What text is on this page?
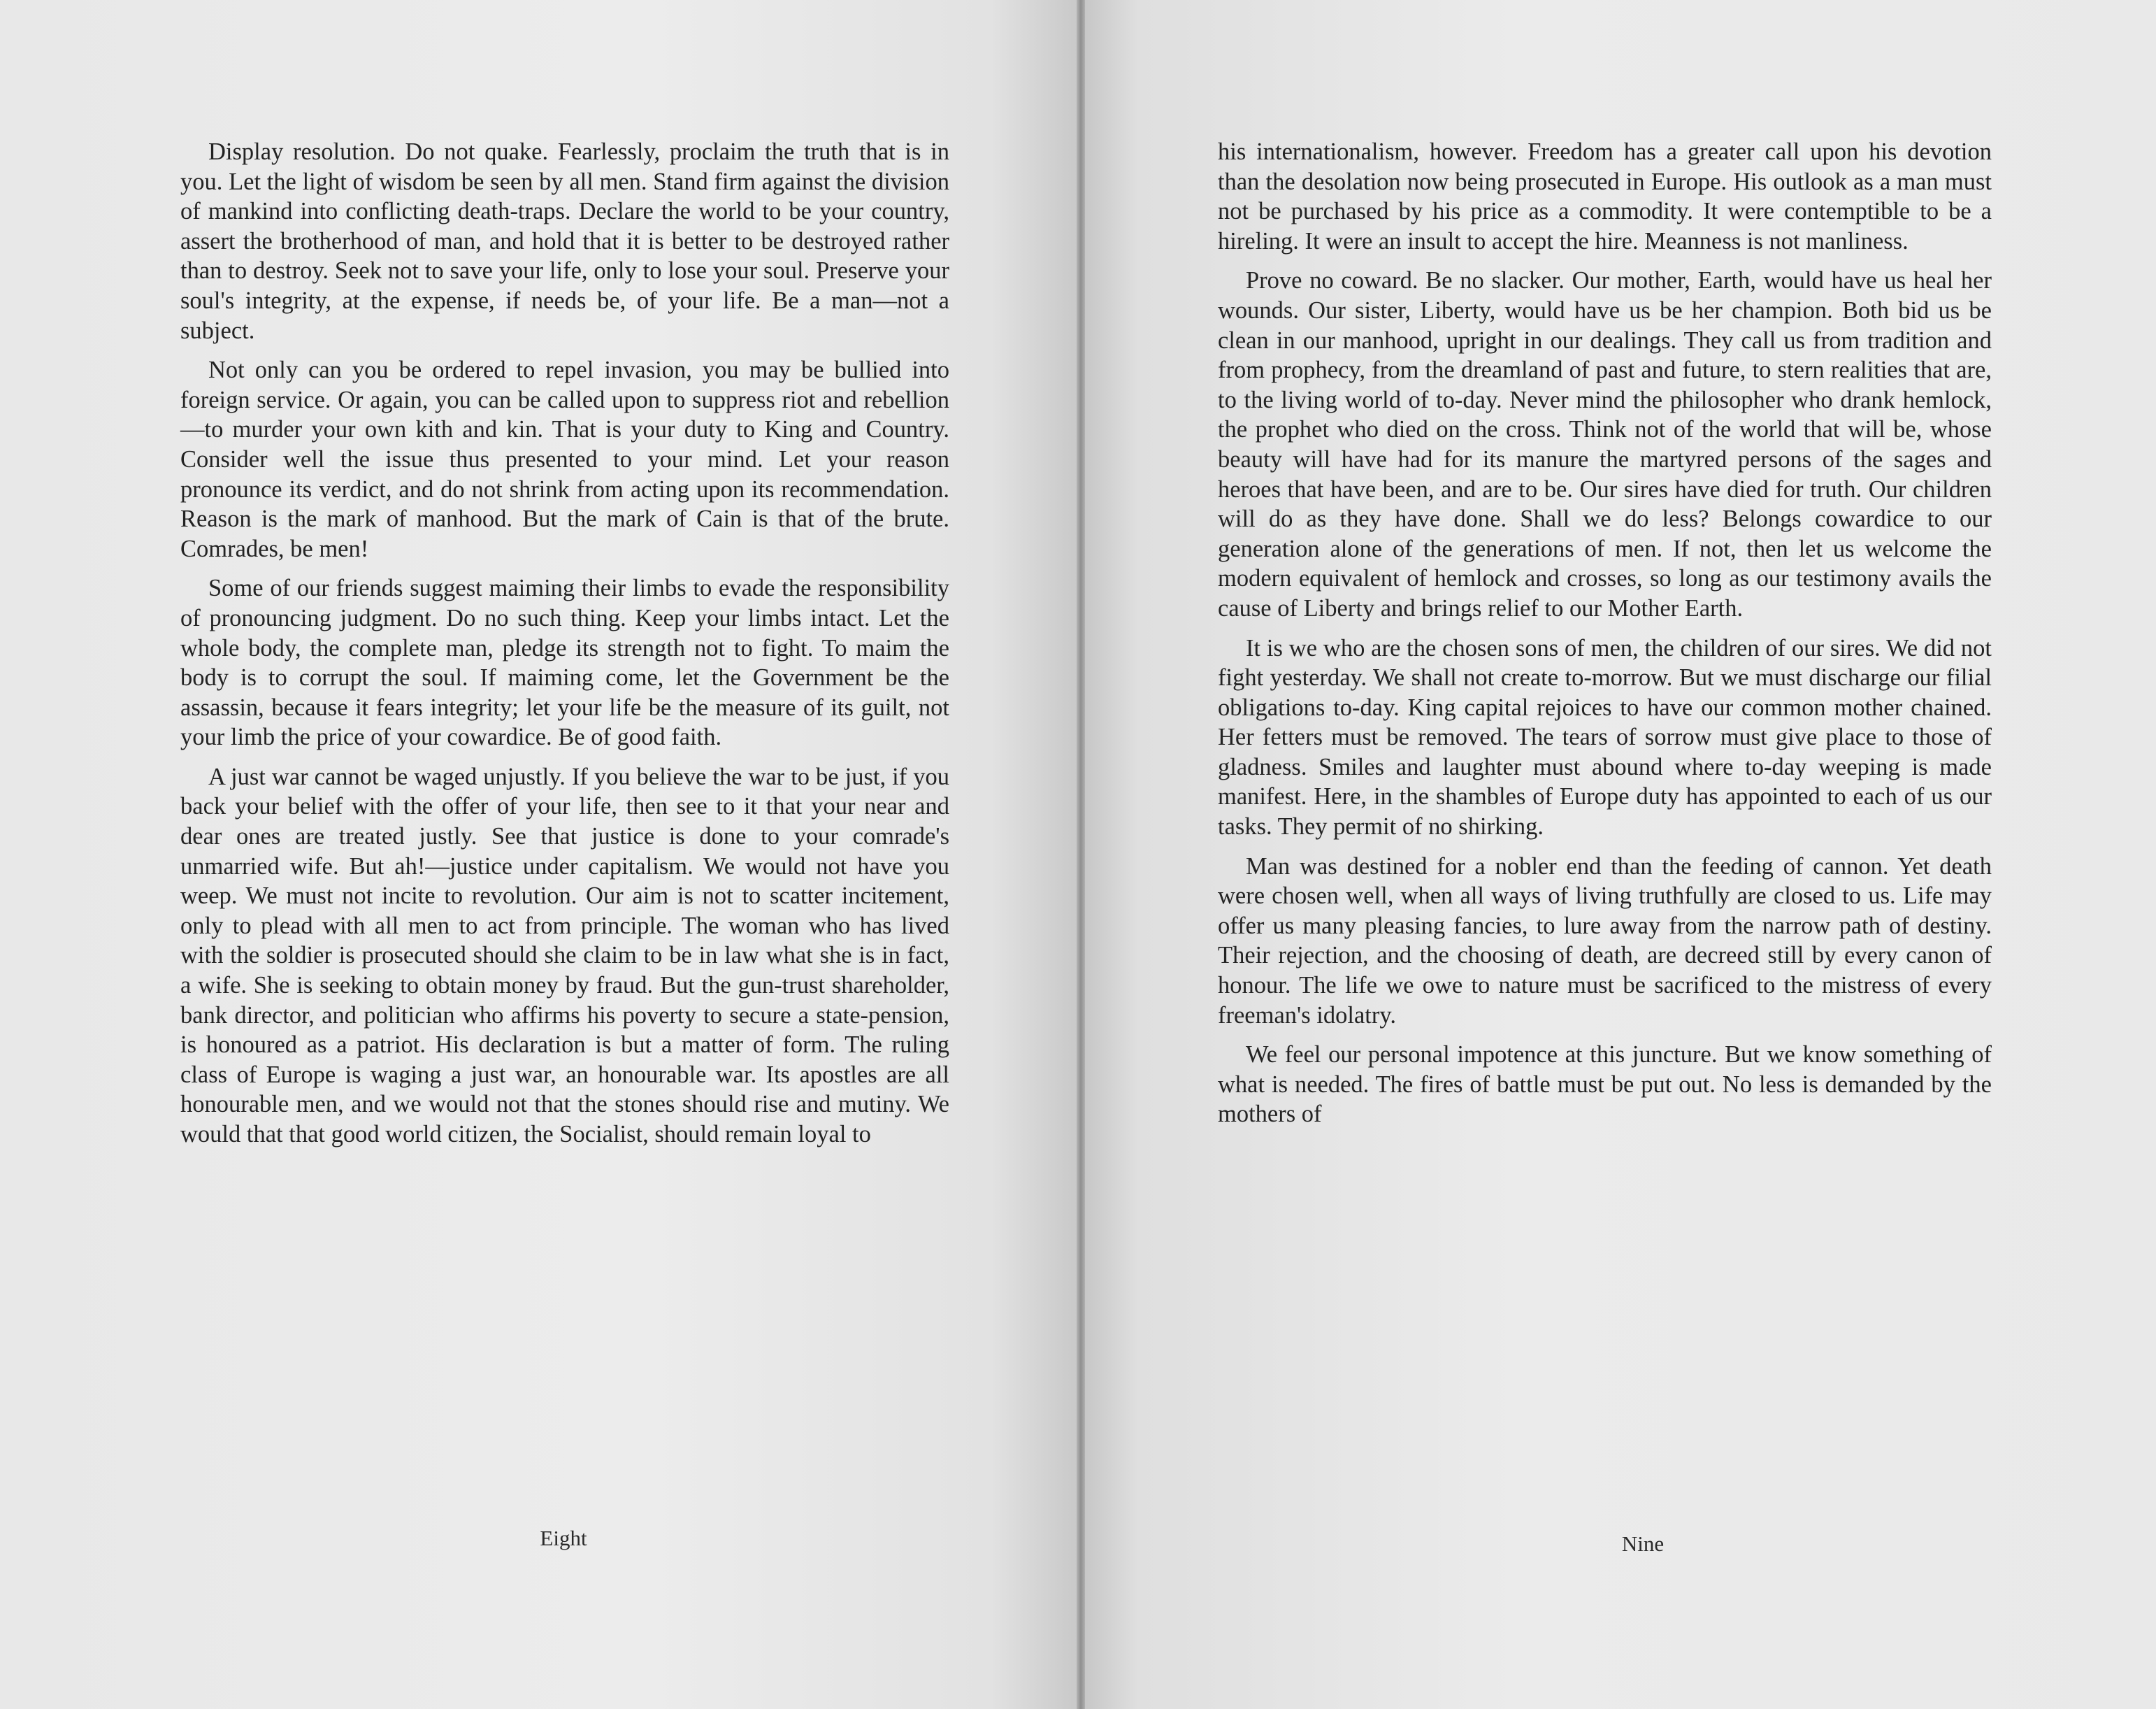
Display resolution. Do not quake. Fearlessly, proclaim the truth that is in you. Let the light of wisdom be seen by all men. Stand firm against the division of mankind into conflicting death-traps. Declare the world to be your country, assert the brotherhood of man, and hold that it is better to be destroyed rather than to destroy. Seek not to save your life, only to lose your soul. Preserve your soul's integrity, at the expense, if needs be, of your life. Be a man—not a subject.

Not only can you be ordered to repel invasion, you may be bullied into foreign service. Or again, you can be called upon to suppress riot and rebellion—to murder your own kith and kin. That is your duty to King and Country. Consider well the issue thus presented to your mind. Let your reason pronounce its verdict, and do not shrink from acting upon its recommendation. Reason is the mark of manhood. But the mark of Cain is that of the brute. Comrades, be men!

Some of our friends suggest maiming their limbs to evade the responsibility of pronouncing judgment. Do no such thing. Keep your limbs intact. Let the whole body, the complete man, pledge its strength not to fight. To maim the body is to corrupt the soul. If maiming come, let the Government be the assassin, because it fears integrity; let your life be the measure of its guilt, not your limb the price of your cowardice. Be of good faith.

A just war cannot be waged unjustly. If you believe the war to be just, if you back your belief with the offer of your life, then see to it that your near and dear ones are treated justly. See that justice is done to your comrade's unmarried wife. But ah!—justice under capitalism. We would not have you weep. We must not incite to revolution. Our aim is not to scatter incitement, only to plead with all men to act from principle. The woman who has lived with the soldier is prosecuted should she claim to be in law what she is in fact, a wife. She is seeking to obtain money by fraud. But the gun-trust shareholder, bank director, and politician who affirms his poverty to secure a state-pension, is honoured as a patriot. His declaration is but a matter of form. The ruling class of Europe is waging a just war, an honourable war. Its apostles are all honourable men, and we would not that the stones should rise and mutiny. We would that that good world citizen, the Socialist, should remain loyal to

Eight

his internationalism, however. Freedom has a greater call upon his devotion than the desolation now being prosecuted in Europe. His outlook as a man must not be purchased by his price as a commodity. It were contemptible to be a hireling. It were an insult to accept the hire. Meanness is not manliness.

Prove no coward. Be no slacker. Our mother, Earth, would have us heal her wounds. Our sister, Liberty, would have us be her champion. Both bid us be clean in our manhood, upright in our dealings. They call us from tradition and from prophecy, from the dreamland of past and future, to stern realities that are, to the living world of to-day. Never mind the philosopher who drank hemlock, the prophet who died on the cross. Think not of the world that will be, whose beauty will have had for its manure the martyred persons of the sages and heroes that have been, and are to be. Our sires have died for truth. Our children will do as they have done. Shall we do less? Belongs cowardice to our generation alone of the generations of men. If not, then let us welcome the modern equivalent of hemlock and crosses, so long as our testimony avails the cause of Liberty and brings relief to our Mother Earth.

It is we who are the chosen sons of men, the children of our sires. We did not fight yesterday. We shall not create to-morrow. But we must discharge our filial obligations to-day. King capital rejoices to have our common mother chained. Her fetters must be removed. The tears of sorrow must give place to those of gladness. Smiles and laughter must abound where to-day weeping is made manifest. Here, in the shambles of Europe duty has appointed to each of us our tasks. They permit of no shirking.

Man was destined for a nobler end than the feeding of cannon. Yet death were chosen well, when all ways of living truthfully are closed to us. Life may offer us many pleasing fancies, to lure away from the narrow path of destiny. Their rejection, and the choosing of death, are decreed still by every canon of honour. The life we owe to nature must be sacrificed to the mistress of every freeman's idolatry.

We feel our personal impotence at this juncture. But we know something of what is needed. The fires of battle must be put out. No less is demanded by the mothers of

Nine
